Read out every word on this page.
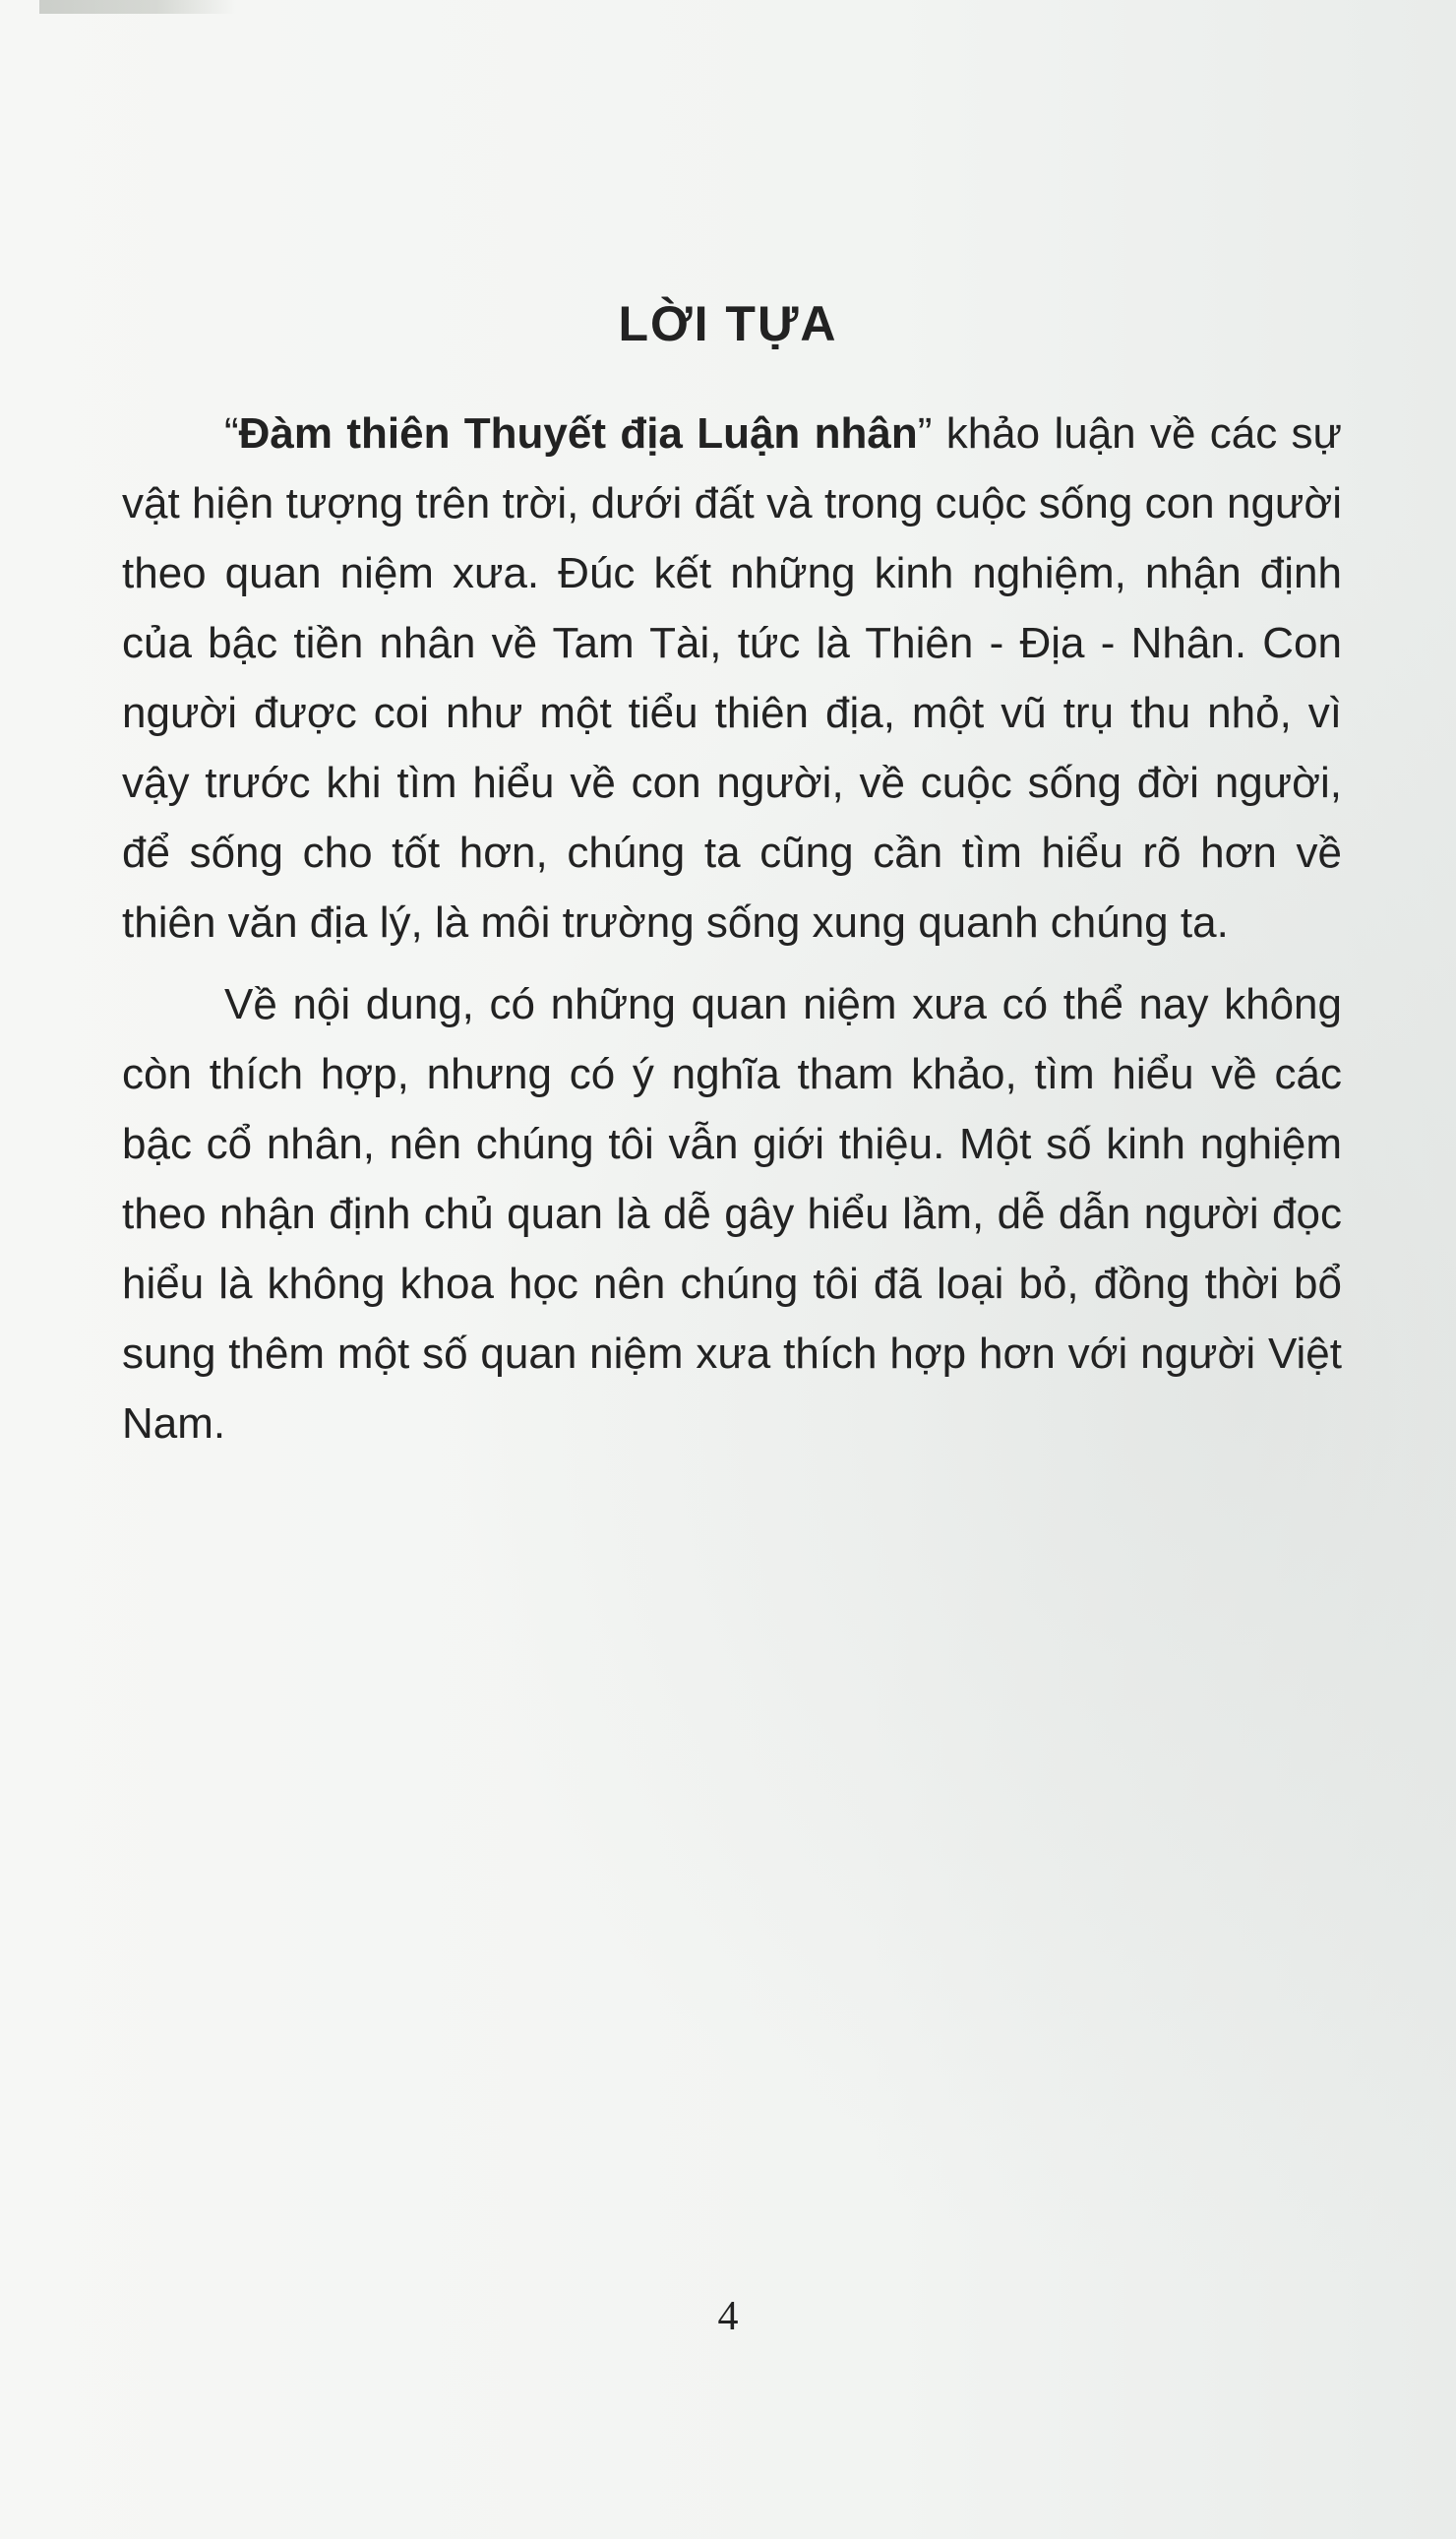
LỜI TỰA

“Đàm thiên Thuyết địa Luận nhân” khảo luận về các sự vật hiện tượng trên trời, dưới đất và trong cuộc sống con người theo quan niệm xưa. Đúc kết những kinh nghiệm, nhận định của bậc tiền nhân về Tam Tài, tức là Thiên - Địa - Nhân. Con người được coi như một tiểu thiên địa, một vũ trụ thu nhỏ, vì vậy trước khi tìm hiểu về con người, về cuộc sống đời người, để sống cho tốt hơn, chúng ta cũng cần tìm hiểu rõ hơn về thiên văn địa lý, là môi trường sống xung quanh chúng ta.

Về nội dung, có những quan niệm xưa có thể nay không còn thích hợp, nhưng có ý nghĩa tham khảo, tìm hiểu về các bậc cổ nhân, nên chúng tôi vẫn giới thiệu. Một số kinh nghiệm theo nhận định chủ quan là dễ gây hiểu lầm, dễ dẫn người đọc hiểu là không khoa học nên chúng tôi đã loại bỏ, đồng thời bổ sung thêm một số quan niệm xưa thích hợp hơn với người Việt Nam.

4
